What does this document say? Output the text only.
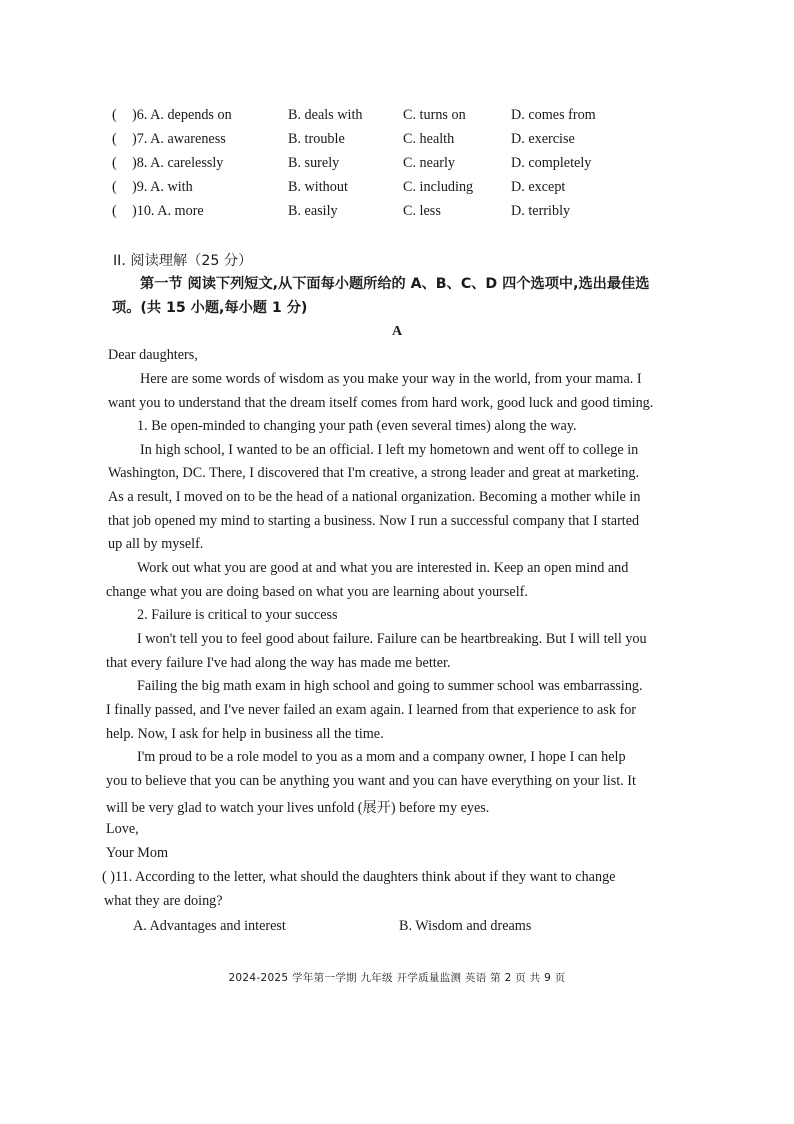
( )6. A. depends on	B. deals with	C. turns on	D. comes from
( )7. A. awareness	B. trouble	C. health	D. exercise
( )8. A. carelessly	B. surely	C. nearly	D. completely
( )9. A. with	B. without	C. including	D. except
( )10. A. more	B. easily	C. less	D. terribly
II. 阅读理解（25 分）
第一节 阅读下列短文,从下面每小题所给的 A、B、C、D 四个选项中,选出最佳选
项。(共 15 小题,每小题 1 分)
A
Dear daughters,
Here are some words of wisdom as you make your way in the world, from your mama. I
want you to understand that the dream itself comes from hard work, good luck and good timing.
1. Be open-minded to changing your path (even several times) along the way.
In high school, I wanted to be an official. I left my hometown and went off to college in
Washington, DC. There, I discovered that I'm creative, a strong leader and great at marketing.
As a result, I moved on to be the head of a national organization. Becoming a mother while in
that job opened my mind to starting a business. Now I run a successful company that I started
up all by myself.
Work out what you are good at and what you are interested in. Keep an open mind and
change what you are doing based on what you are learning about yourself.
2. Failure is critical to your success
I won't tell you to feel good about failure. Failure can be heartbreaking. But I will tell you
that every failure I've had along the way has made me better.
Failing the big math exam in high school and going to summer school was embarrassing.
I finally passed, and I've never failed an exam again. I learned from that experience to ask for
help. Now, I ask for help in business all the time.
I'm proud to be a role model to you as a mom and a company owner, I hope I can help
you to believe that you can be anything you want and you can have everything on your list. It
will be very glad to watch your lives unfold (展开) before my eyes.
Love,
Your Mom
( )11. According to the letter, what should the daughters think about if they want to change
what they are doing?
A. Advantages and interest	B. Wisdom and dreams
2024-2025 学年第一学期 九年级 开学质量监测 英语 第 2 页 共 9 页
